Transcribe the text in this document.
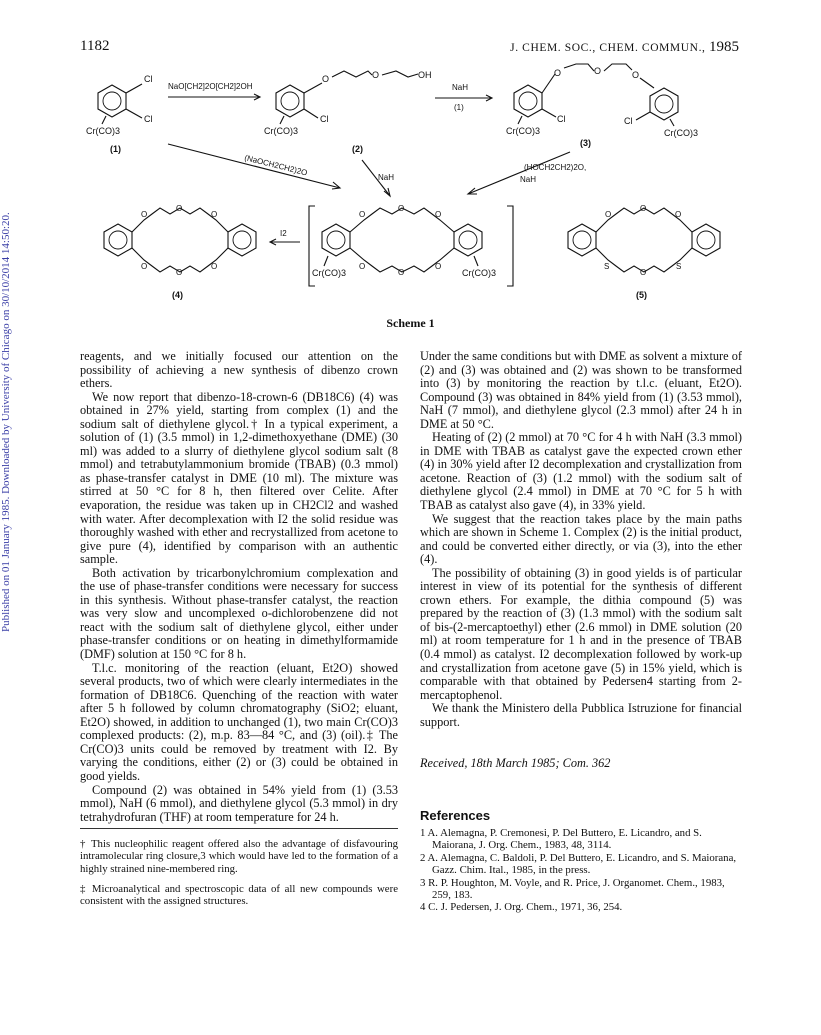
Published on 01 January 1985. Downloaded by University of Chicago on 30/10/2014 14:50:20.
1182	J. CHEM. SOC., CHEM. COMMUN., 1985
Cl
Cl
Cr(CO)3
(1)
NaO[CH2]2O[CH2]2OH
O	O	OH
Cl
Cr(CO)3
(2)
NaH
(1)
O	O	O
Cl	Cl
Cr(CO)3	Cr(CO)3
(3)
(NaOCH2CH2)2O	NaH
(HOCH2CH2)2O,
NaH
O
O
O
O
O
O
(4)
I2
O
O
O
O
O
O
Cr(CO)3	Cr(CO)3
O
O
O
S
O
S
(5)
Scheme 1

reagents, and we initially focused our attention on the possibility of achieving a new synthesis of dibenzo crown ethers.

We now report that dibenzo-18-crown-6 (DB18C6) (4) was obtained in 27% yield, starting from complex (1) and the sodium salt of diethylene glycol.† In a typical experiment, a solution of (1) (3.5 mmol) in 1,2-dimethoxyethane (DME) (30 ml) was added to a slurry of diethylene glycol sodium salt (8 mmol) and tetrabutylammonium bromide (TBAB) (0.3 mmol) as phase-transfer catalyst in DME (10 ml). The mixture was stirred at 50 °C for 8 h, then filtered over Celite. After evaporation, the residue was taken up in CH2Cl2 and washed with water. After decomplexation with I2 the solid residue was thoroughly washed with ether and recrystallized from acetone to give pure (4), identified by comparison with an authentic sample.

Both activation by tricarbonylchromium complexation and the use of phase-transfer conditions were necessary for success in this synthesis. Without phase-transfer catalyst, the reaction was very slow and uncomplexed o-dichlorobenzene did not react with the sodium salt of diethylene glycol, either under phase-transfer conditions or on heating in dimethylformamide (DMF) solution at 150 °C for 8 h.

T.l.c. monitoring of the reaction (eluant, Et2O) showed several products, two of which were clearly intermediates in the formation of DB18C6. Quenching of the reaction with water after 5 h followed by column chromatography (SiO2; eluant, Et2O) showed, in addition to unchanged (1), two main Cr(CO)3 complexed products: (2), m.p. 83—84 °C, and (3) (oil).‡ The Cr(CO)3 units could be removed by treatment with I2. By varying the conditions, either (2) or (3) could be obtained in good yields.

Compound (2) was obtained in 54% yield from (1) (3.53 mmol), NaH (6 mmol), and diethylene glycol (5.3 mmol) in dry tetrahydrofuran (THF) at room temperature for 24 h.

† This nucleophilic reagent offered also the advantage of disfavouring intramolecular ring closure,3 which would have led to the formation of a highly strained nine-membered ring.
‡ Microanalytical and spectroscopic data of all new compounds were consistent with the assigned structures.

Under the same conditions but with DME as solvent a mixture of (2) and (3) was obtained and (2) was shown to be transformed into (3) by monitoring the reaction by t.l.c. (eluant, Et2O). Compound (3) was obtained in 84% yield from (1) (3.53 mmol), NaH (7 mmol), and diethylene glycol (2.3 mmol) after 24 h in DME at 50 °C.

Heating of (2) (2 mmol) at 70 °C for 4 h with NaH (3.3 mmol) in DME with TBAB as catalyst gave the expected crown ether (4) in 30% yield after I2 decomplexation and crystallization from acetone. Reaction of (3) (1.2 mmol) with the sodium salt of diethylene glycol (2.4 mmol) in DME at 70 °C for 5 h with TBAB as catalyst also gave (4), in 33% yield.

We suggest that the reaction takes place by the main paths which are shown in Scheme 1. Complex (2) is the initial product, and could be converted either directly, or via (3), into the ether (4).

The possibility of obtaining (3) in good yields is of particular interest in view of its potential for the synthesis of different crown ethers. For example, the dithia compound (5) was prepared by the reaction of (3) (1.3 mmol) with the sodium salt of bis-(2-mercaptoethyl) ether (2.6 mmol) in DME solution (20 ml) at room temperature for 1 h and in the presence of TBAB (0.4 mmol) as catalyst. I2 decomplexation followed by work-up and crystallization from acetone gave (5) in 15% yield, which is comparable with that obtained by Pedersen4 starting from 2-mercaptophenol.

We thank the Ministero della Pubblica Istruzione for financial support.

Received, 18th March 1985; Com. 362
References

1 A. Alemagna, P. Cremonesi, P. Del Buttero, E. Licandro, and S. Maiorana, J. Org. Chem., 1983, 48, 3114.

2 A. Alemagna, C. Baldoli, P. Del Buttero, E. Licandro, and S. Maiorana, Gazz. Chim. Ital., 1985, in the press.

3 R. P. Houghton, M. Voyle, and R. Price, J. Organomet. Chem., 1983, 259, 183.

4 C. J. Pedersen, J. Org. Chem., 1971, 36, 254.
